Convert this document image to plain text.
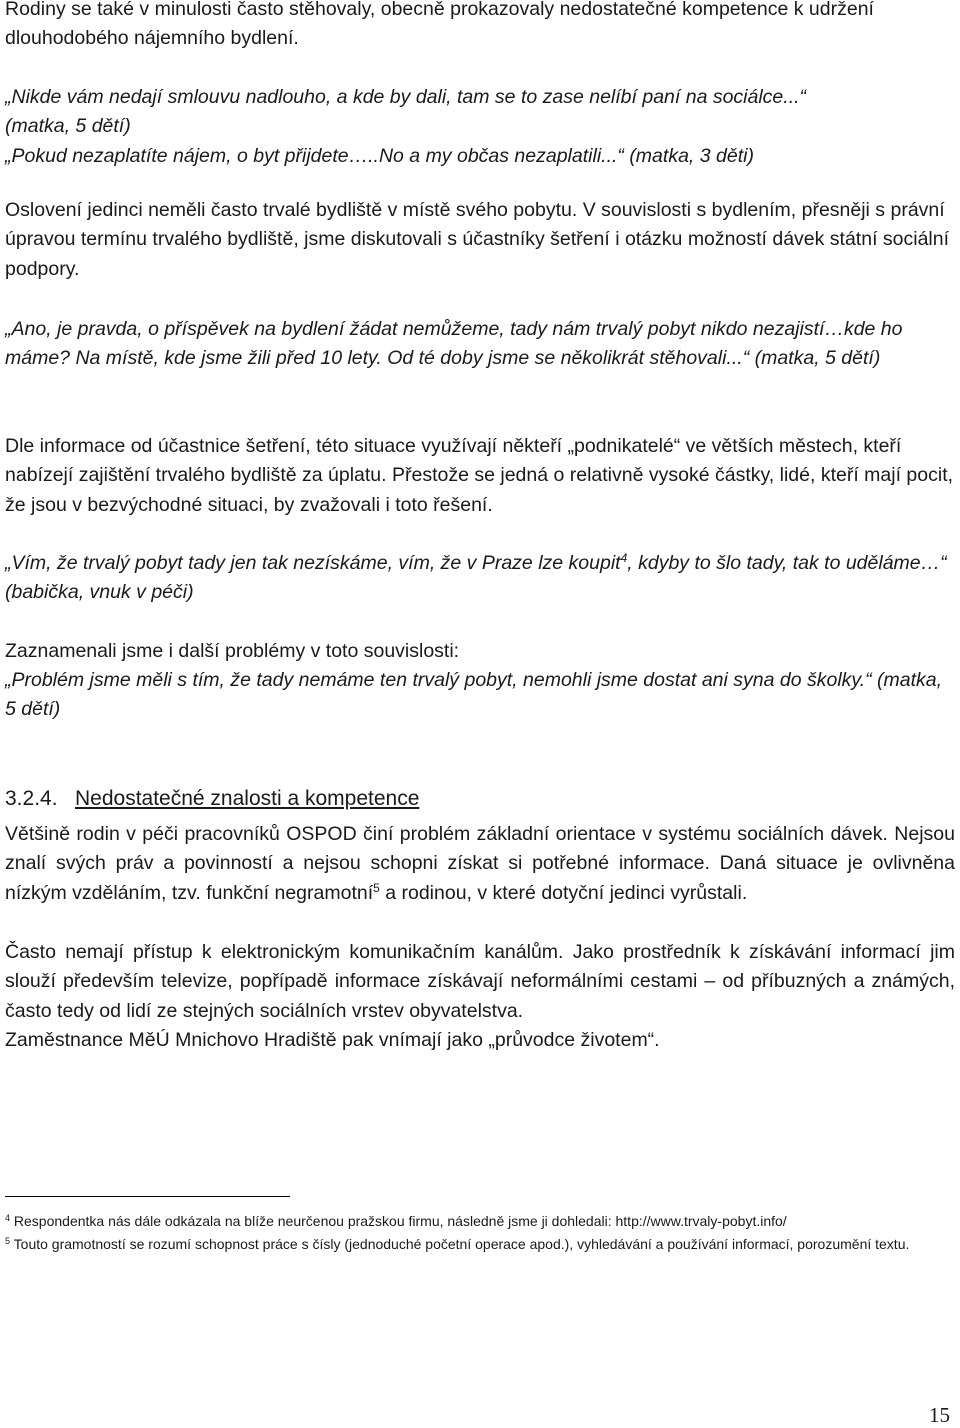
Rodiny se také v minulosti často stěhovaly, obecně prokazovaly nedostatečné kompetence k udržení dlouhodobého nájemního bydlení.

„Nikde vám nedají smlouvu nadlouho, a kde by dali, tam se to zase nelíbí paní na sociálce...“
(matka, 5 dětí)
„Pokud nezaplatíte nájem, o byt přijdete…..No a my občas nezaplatili...“ (matka, 3 děti)

Oslovení jedinci neměli často trvalé bydliště v místě svého pobytu. V souvislosti s bydlením, přesněji s právní úpravou termínu trvalého bydliště, jsme diskutovali s účastníky šetření i otázku možností dávek státní sociální podpory.

„Ano, je pravda, o příspěvek na bydlení žádat nemůžeme, tady nám trvalý pobyt nikdo nezajistí…kde ho máme? Na místě, kde jsme žili před 10 lety. Od té doby jsme se několikrát stěhovali...“ (matka, 5 dětí)

Dle informace od účastnice šetření, této situace využívají někteří „podnikatelé“ ve větších městech, kteří nabízejí zajištění trvalého bydliště za úplatu. Přestože se jedná o relativně vysoké částky, lidé, kteří mají pocit, že jsou v bezvýchodné situaci, by zvažovali i toto řešení.

„Vím, že trvalý pobyt tady jen tak nezískáme, vím, že v Praze lze koupit$^4$, kdyby to šlo tady, tak to uděláme…“ (babička, vnuk v péči)

Zaznamenali jsme i další problémy v toto souvislosti:

„Problém jsme měli s tím, že tady nemáme ten trvalý pobyt, nemohli jsme dostat ani syna do školky.“ (matka, 5 dětí)

3.2.4. Nedostatečné znalosti a kompetence

Většině rodin v péči pracovníků OSPOD činí problém základní orientace v systému sociálních dávek. Nejsou znalí svých práv a povinností a nejsou schopni získat si potřebné informace. Daná situace je ovlivněna nízkým vzděláním, tzv. funkční negramotní$^5$ a rodinou, v které dotyční jedinci vyrůstali.

Často nemají přístup k elektronickým komunikačním kanálům. Jako prostředník k získávání informací jim slouží především televize, popřípadě informace získávají neformálními cestami – od příbuzných a známých, často tedy od lidí ze stejných sociálních vrstev obyvatelstva.

Zaměstnance MěÚ Mnichovo Hradiště pak vnímají jako „průvodce životem“.

$^4$ Respondentka nás dále odkázala na blíže neurčenou pražskou firmu, následně jsme ji dohledali: http://www.trvaly-pobyt.info/

$^5$ Touto gramotností se rozumí schopnost práce s čísly (jednoduché početní operace apod.), vyhledávání a používání informací, porozumění textu.

15
